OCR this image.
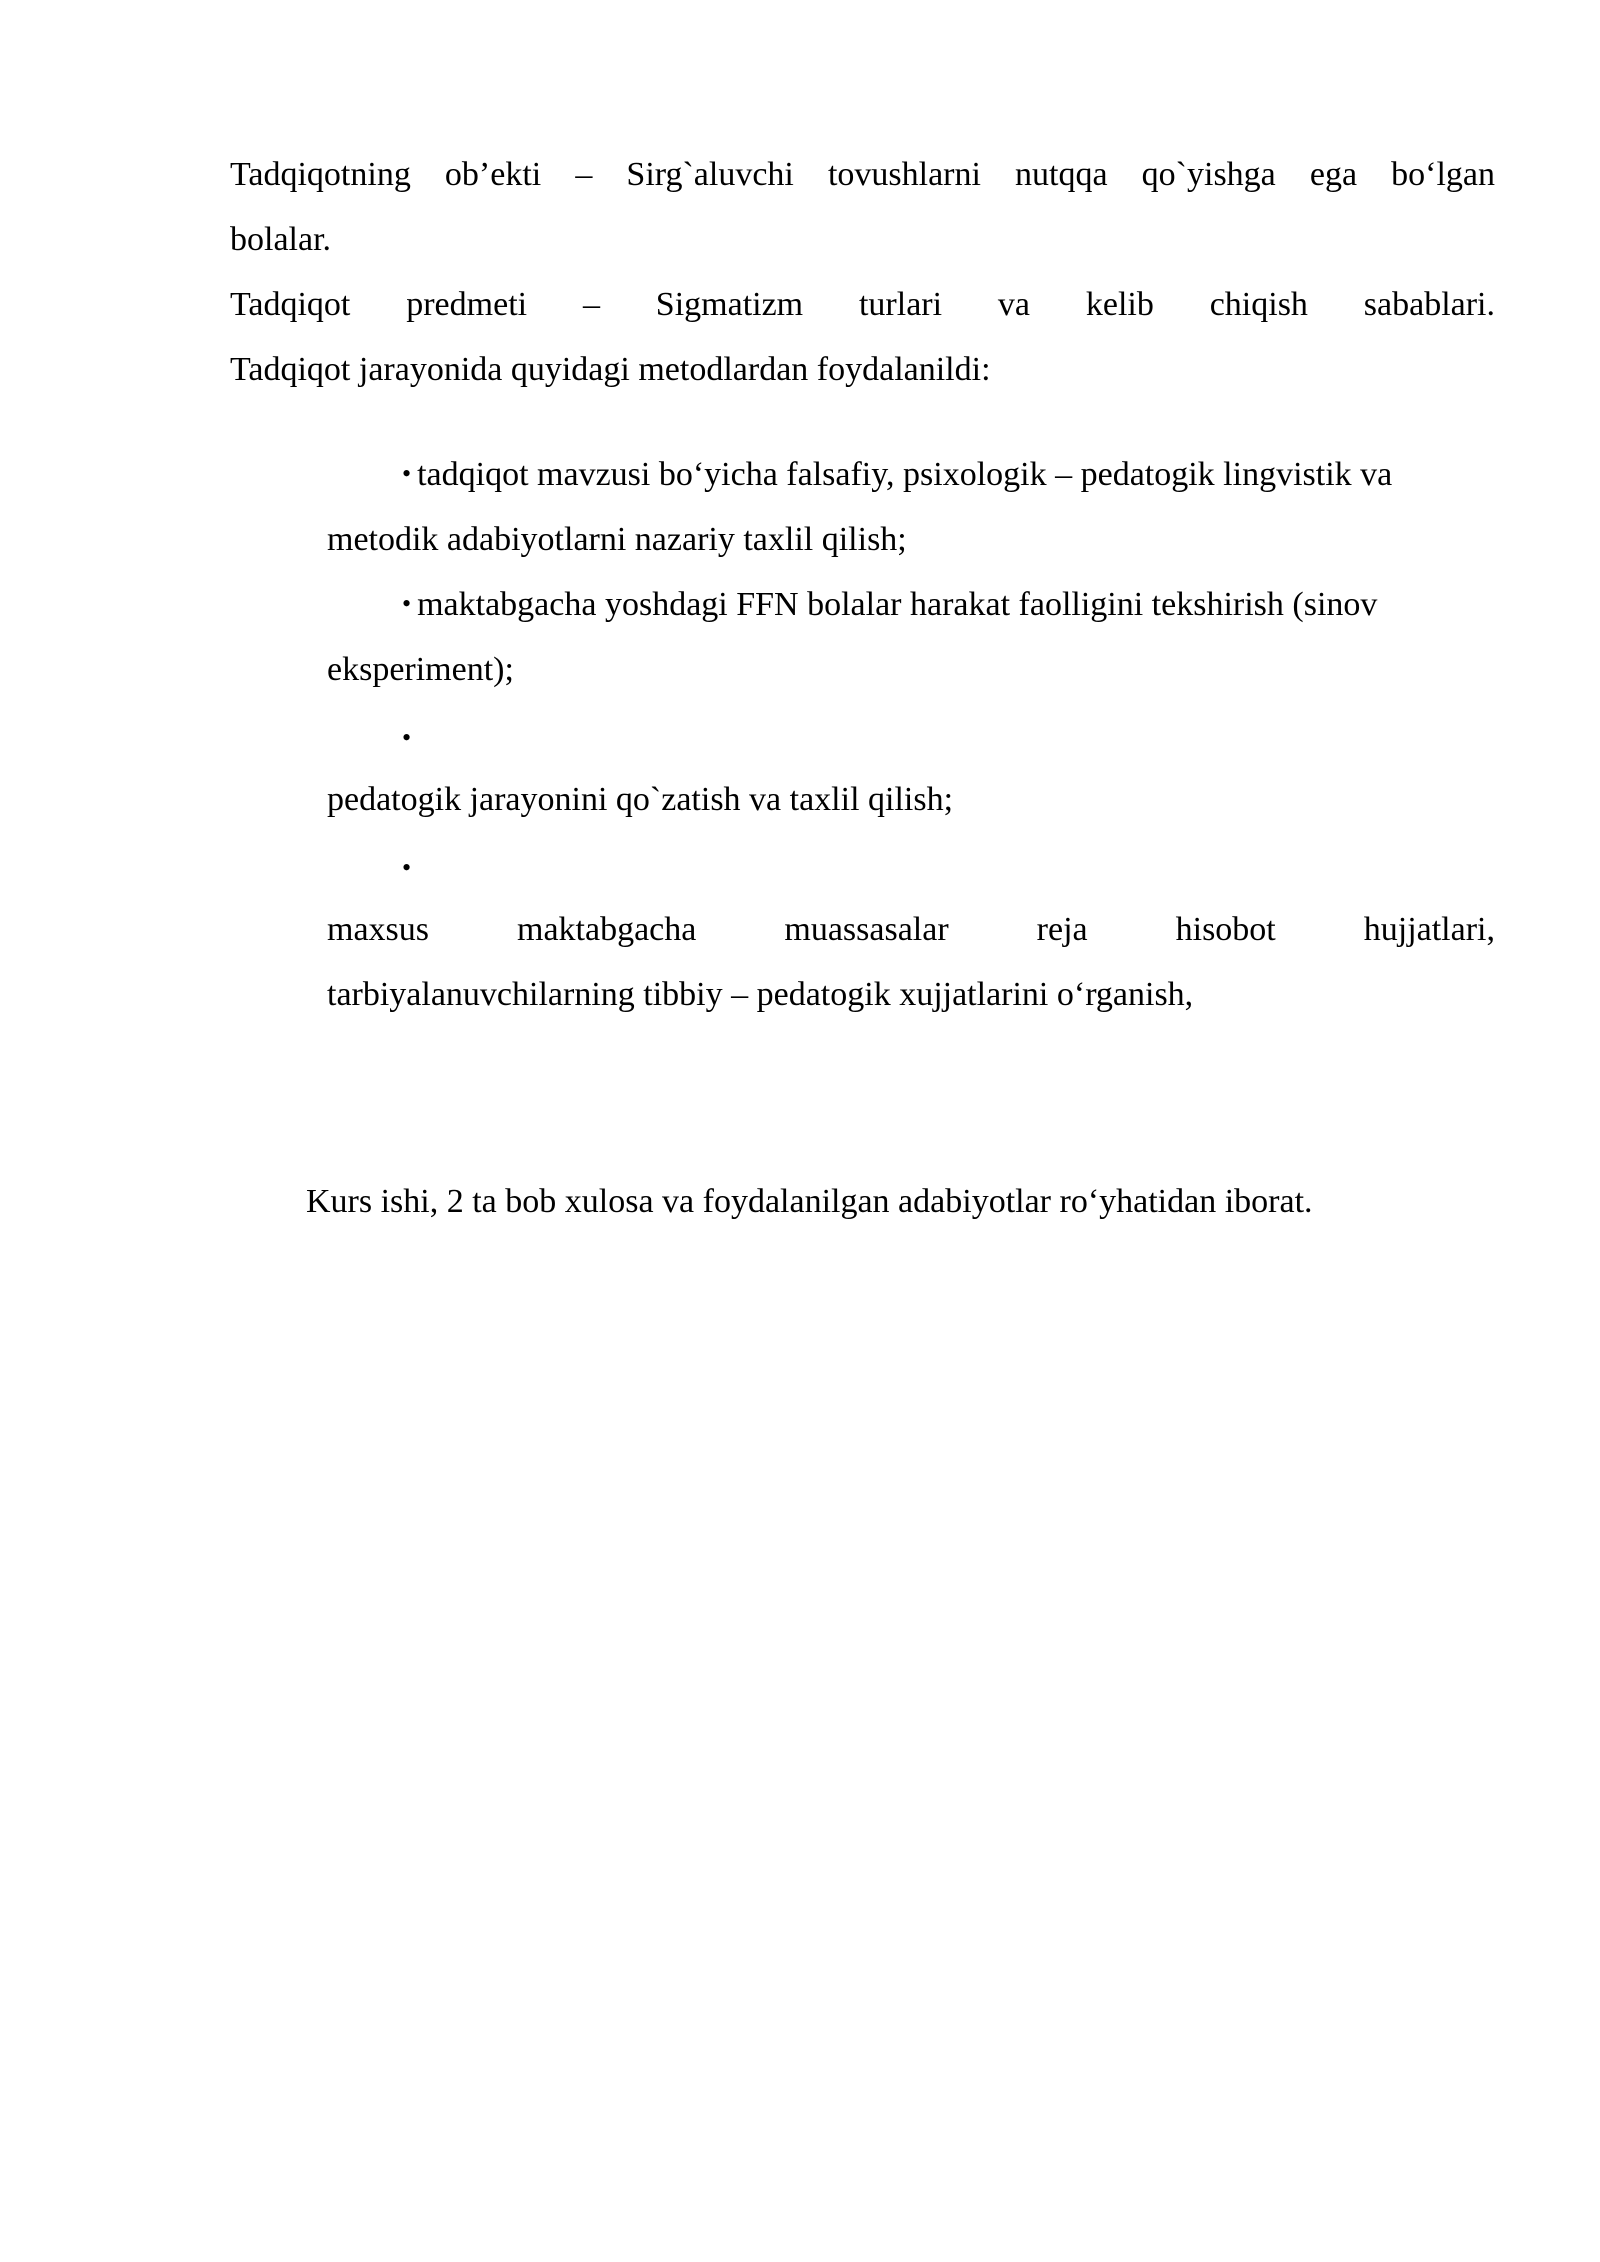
Tadqiqotning ob’ekti – Sirg`aluvchi tovushlarni nutqqa qo`yishga ega bo‘lgan
bolalar.
Tadqiqot predmeti – Sigmatizm turlari va kelib chiqish sabablari.
Tadqiqot jarayonida quyidagi metodlardan foydalanildi:
• tadqiqot mavzusi bo‘yicha falsafiy, psixologik – pedatogik lingvistik va
metodik adabiyotlarni nazariy taxlil qilish;
• maktabgacha yoshdagi FFN bolalar harakat faolligini tekshirish (sinov
eksperiment);
•
pedatogik jarayonini qo`zatish va taxlil qilish;
•
maxsus maktabgacha muassasalar reja hisobot hujjatlari,
tarbiyalanuvchilarning tibbiy – pedatogik xujjatlarini o‘rganish,
Kurs ishi, 2 ta bob xulosa va foydalanilgan adabiyotlar ro‘yhatidan iborat.
